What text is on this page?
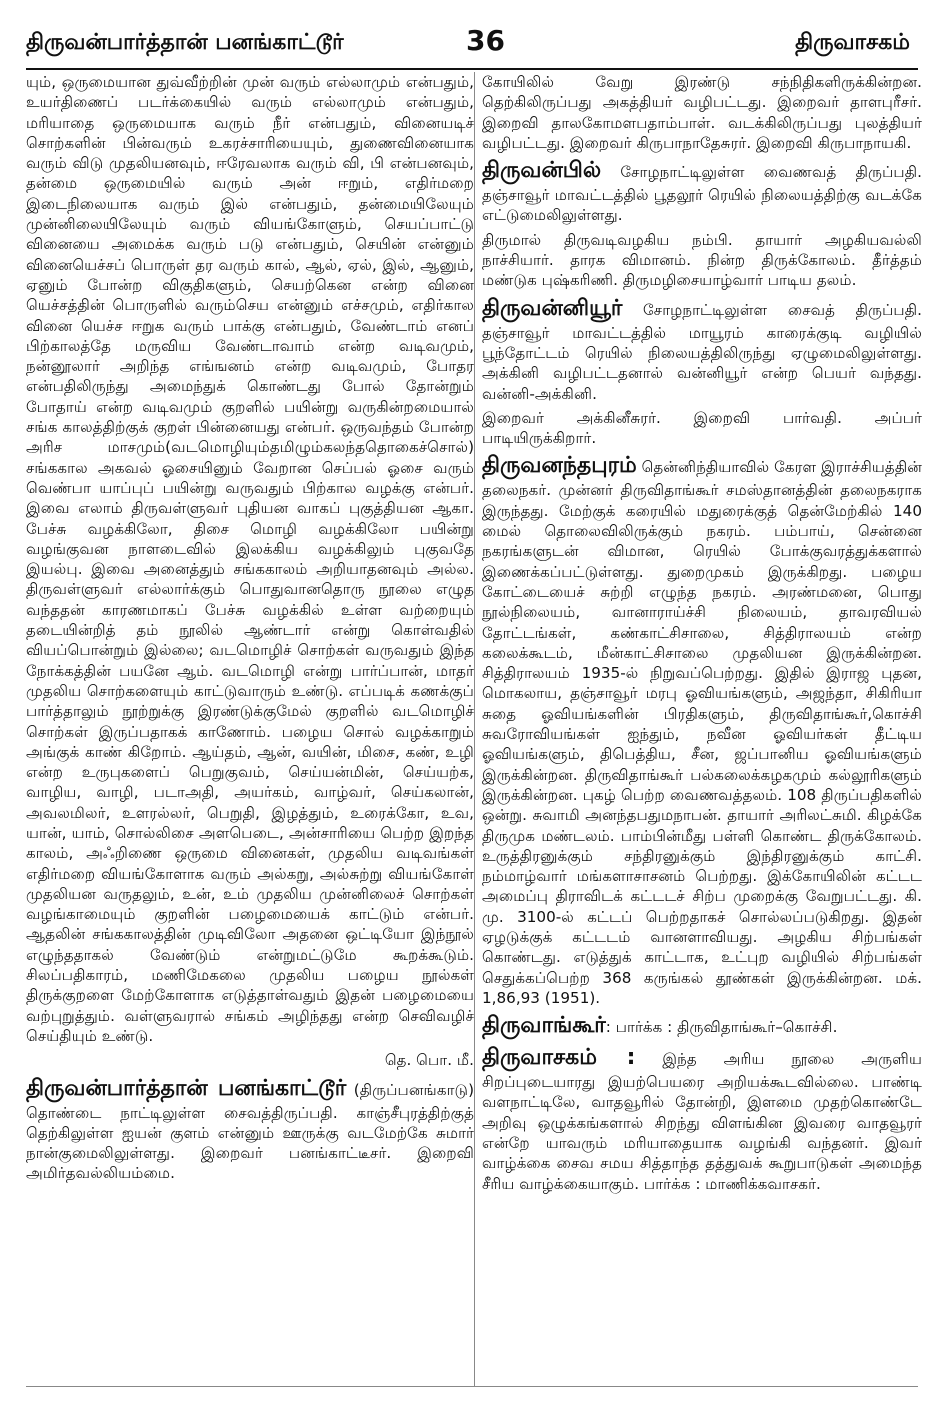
திருவன்பார்த்தான் பனங்காட்டூர்	36	திருவாசகம்

யும், ஒருமையான துவ்வீற்றின் முன் வரும் எல்லாமும் என்பதும், உயர்திணைப் படர்க்கையில் வரும் எல்லாமும் என்பதும், மரியாதை ஒருமையாக வரும் நீர் என்பதும், வினையடிச் சொற்களின் பின்வரும் உகரச்சாரியையும், துணைவினையாக வரும் விடு முதலியனவும், ஈரேவலாக வரும் வி, பி என்பனவும், தன்மை ஒருமையில் வரும் அன் ஈறும், எதிர்மறை இடைநிலையாக வரும் இல் என்பதும், தன்மையிலேயும் முன்னிலையிலேயும் வரும் வியங்கோளும், செயப்பாட்டு வினையை அமைக்க வரும் படு என்பதும், செயின் என்னும் வினையெச்சப் பொருள் தர வரும் கால், ஆல், ஏல், இல், ஆனும், ஏனும் போன்ற விகுதிகளும், செயற்கென என்ற வினை யெச்சத்தின் பொருளில் வரும்செய என்னும் எச்சமும், எதிர்கால வினை யெச்ச ஈறுக வரும் பாக்கு என்பதும், வேண்டாம் எனப் பிற்காலத்தே மருவிய வேண்டாவாம் என்ற வடிவமும், நன்னூலார் அறிந்த எங்ஙனம் என்ற வடிவமும், போதர என்பதிலிருந்து அமைந்துக் கொண்டது போல் தோன்றும் போதாய் என்ற வடிவமும் குறளில் பயின்று வருகின்றமையால் சங்க காலத்திற்குக் குறள் பின்னையது என்பர். ஒருவந்தம் போன்ற அரிச மாசமும்(வடமொழியும்தமிழும்கலந்ததொகைச்சொல்) சங்ககால அகவல் ஓசையினும் வேறான செப்பல் ஓசை வரும் வெண்பா யாப்புப் பயின்று வருவதும் பிற்கால வழக்கு என்பர். இவை எலாம் திருவள்ளுவர் புதியன வாகப் புகுத்தியன ஆகா. பேச்சு வழக்கிலோ, திசை மொழி வழக்கிலோ பயின்று வழங்குவன நாளடைவில் இலக்கிய வழக்கிலும் புகுவதே இயல்பு. இவை அனைத்தும் சங்ககாலம் அறியாதனவும் அல்ல. திருவள்ளுவர் எல்லார்க்கும் பொதுவானதொரு நூலை எழுத வந்ததன் காரணமாகப் பேச்சு வழக்கில் உள்ள வற்றையும் தடையின்றித் தம் நூலில் ஆண்டார் என்று கொள்வதில் வியப்பொன்றும் இல்லை; வடமொழிச் சொற்கள் வருவதும் இந்த நோக்கத்தின் பயனே ஆம். வடமொழி என்று பார்ப்பான், மாதர் முதலிய சொற்களையும் காட்டுவாரும் உண்டு. எப்படிக் கணக்குப் பார்த்தாலும் நூற்றுக்கு இரண்டுக்குமேல் குறளில் வடமொழிச் சொற்கள் இருப்பதாகக் காணோம். பழைய சொல் வழக்காறும் அங்குக் காண் கிறோம். ஆய்தம், ஆன், வயின், மிசை, கண், உழி என்ற உருபுகளைப் பெறுகுவம், செய்யன்மின், செய்யற்க, வாழிய, வாழி, படாஅதி, அயர்கம், வாழ்வர், செய்கலான், அவலமிலர், உளரல்லர், பெறுதி, இழத்தும், உரைக்கோ, உவ, யான், யாம், சொல்லிசை அளபெடை, அன்சாரியை பெற்ற இறந்த காலம், அஃறிணை ஒருமை வினைகள், முதலிய வடிவங்கள் எதிர்மறை வியங்கோளாக வரும் அல்கறு, அல்சுற்று வியங்கோள் முதலியன வருதலும், உன், உம் முதலிய முன்னிலைச் சொற்கள் வழங்காமையும் குறளின் பழைமையைக் காட்டும் என்பர். ஆதலின் சங்ககாலத்தின் முடிவிலோ அதனை ஒட்டியோ இந்நூல் எழுந்ததாகல் வேண்டும் என்றுமட்டுமே கூறக்கூடும். சிலப்பதிகாரம், மணிமேகலை முதலிய பழைய நூல்கள் திருக்குறளை மேற்கோளாக எடுத்தாள்வதும் இதன் பழைமையை வற்புறுத்தும். வள்ளுவரால் சங்கம் அழிந்தது என்ற செவிவழிச் செய்தியும் உண்டு.

தெ. பொ. மீ.

திருவன்பார்த்தான் பனங்காட்டூர் (திருப்பனங்காடு) தொண்டை நாட்டிலுள்ள சைவத்திருப்பதி. காஞ்சீபுரத்திற்குத் தெற்கிலுள்ள ஐயன் குளம் என்னும் ஊருக்கு வடமேற்கே சுமார் நான்குமைலிலுள்ளது. இறைவர் பனங்காட்டீசர். இறைவி அமிர்தவல்லியம்மை.

கோயிலில் வேறு இரண்டு சந்நிதிகளிருக்கின்றன. தெற்கிலிருப்பது அகத்தியர் வழிபட்டது. இறைவர் தாளபுரீசர். இறைவி தாலகோமளபதாம்பாள். வடக்கிலிருப்பது புலத்தியர் வழிபட்டது. இறைவர் கிருபாநாதேசுரர். இறைவி கிருபாநாயகி.

திருவன்பில் சோழநாட்டிலுள்ள வைணவத் திருப்பதி. தஞ்சாவூர் மாவட்டத்தில் பூதலூர் ரெயில் நிலையத்திற்கு வடக்கே எட்டுமைலிலுள்ளது.

திருமால் திருவடிவழகிய நம்பி. தாயார் அழகியவல்லி நாச்சியார். தாரக விமானம். நின்ற திருக்கோலம். தீர்த்தம் மண்டுக புஷ்கரிணி. திருமழிசையாழ்வார் பாடிய தலம்.

திருவன்னியூர் சோழநாட்டிலுள்ள சைவத் திருப்பதி. தஞ்சாவூர் மாவட்டத்தில் மாயூரம் காரைக்குடி வழியில் பூந்தோட்டம் ரெயில் நிலையத்திலிருந்து ஏழுமைலிலுள்ளது. அக்கினி வழிபட்டதனால் வன்னியூர் என்ற பெயர் வந்தது. வன்னி-அக்கினி.

இறைவர் அக்கினீசுரர். இறைவி பார்வதி. அப்பர் பாடியிருக்கிறார்.

திருவனந்தபுரம் தென்னிந்தியாவில் கேரள இராச்சியத்தின் தலைநகர். முன்னர் திருவிதாங்கூர் சமஸ்தானத்தின் தலைநகராக இருந்தது. மேற்குக் கரையில் மதுரைக்குத் தென்மேற்கில் 140 மைல் தொலைவிலிருக்கும் நகரம். பம்பாய், சென்னை நகரங்களுடன் விமான, ரெயில் போக்குவரத்துக்களால் இணைக்கப்பட்டுள்ளது. துறைமுகம் இருக்கிறது. பழைய கோட்டையைச் சுற்றி எழுந்த நகரம். அரண்மனை, பொது நூல்நிலையம், வானாராய்ச்சி நிலையம், தாவரவியல் தோட்டங்கள், கண்காட்சிசாலை, சித்திராலயம் என்ற கலைக்கூடம், மீன்காட்சிசாலை முதலியன இருக்கின்றன. சித்திராலயம் 1935-ல் நிறுவப்பெற்றது. இதில் இராஜ புதன, மொகலாய, தஞ்சாவூர் மரபு ஓவியங்களும், அஜந்தா, சிகிரியா சுதை ஓவியங்களின் பிரதிகளும், திருவிதாங்கூர்,கொச்சி சுவரோவியங்கள் ஐந்தும், நவீன ஓவியர்கள் தீட்டிய ஓவியங்களும், திபெத்திய, சீன, ஜப்பானிய ஓவியங்களும் இருக்கின்றன. திருவிதாங்கூர் பல்கலைக்கழகமும் கல்லூரிகளும் இருக்கின்றன. புகழ் பெற்ற வைணவத்தலம். 108 திருப்பதிகளில் ஒன்று. சுவாமி அனந்தபதுமநாபன். தாயார் அரிலட்சுமி. கிழக்கே திருமுக மண்டலம். பாம்பின்மீது பள்ளி கொண்ட திருக்கோலம். உருத்திரனுக்கும் சந்திரனுக்கும் இந்திரனுக்கும் காட்சி. நம்மாழ்வார் மங்களாசாசனம் பெற்றது. இக்கோயிலின் கட்டட அமைப்பு திராவிடக் கட்டடச் சிற்ப முறைக்கு வேறுபட்டது. கி. மு. 3100-ல் கட்டப் பெற்றதாகச் சொல்லப்படுகிறது. இதன் ஏழடுக்குக் கட்டடம் வானளாவியது. அழகிய சிற்பங்கள் கொண்டது. எடுத்துக் காட்டாக, உட்புற வழியில் சிற்பங்கள் செதுக்கப்பெற்ற 368 கருங்கல் தூண்கள் இருக்கின்றன. மக். 1,86,93 (1951).

திருவாங்கூர்: பார்க்க : திருவிதாங்கூர்–கொச்சி.

திருவாசகம் : இந்த அரிய நூலை அருளிய சிறப்புடையாரது இயற்பெயரை அறியக்கூடவில்லை. பாண்டி வளநாட்டிலே, வாதவூரில் தோன்றி, இளமை முதற்கொண்டே அறிவு ஒழுக்கங்களால் சிறந்து விளங்கின இவரை வாதவூரர் என்றே யாவரும் மரியாதையாக வழங்கி வந்தனர். இவர் வாழ்க்கை சைவ சமய சித்தாந்த தத்துவக் கூறுபாடுகள் அமைந்த சீரிய வாழ்க்கையாகும். பார்க்க : மாணிக்கவாசகர்.
